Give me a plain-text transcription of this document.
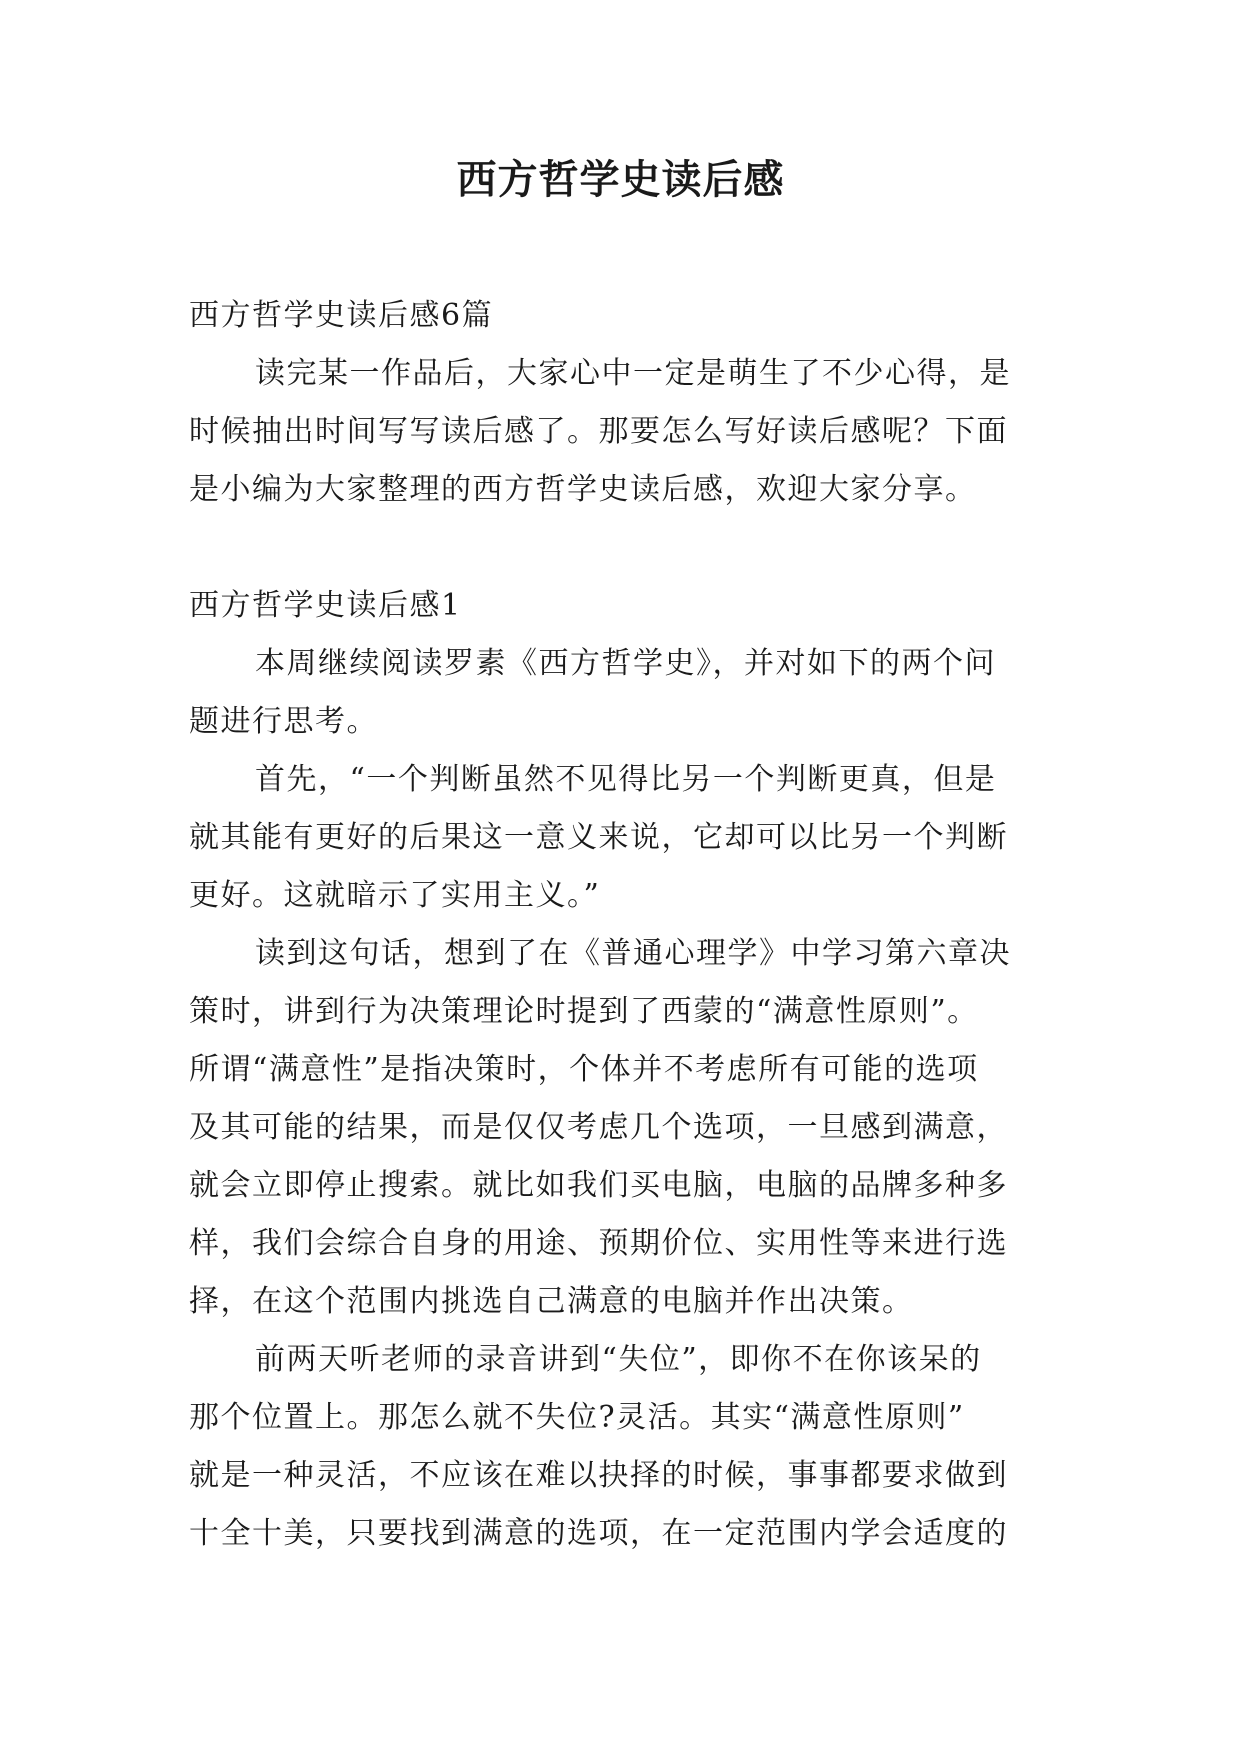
西方哲学史读后感
西方哲学史读后感6篇
读完某一作品后，大家心中一定是萌生了不少心得，是
时候抽出时间写写读后感了。那要怎么写好读后感呢？下面
是小编为大家整理的西方哲学史读后感，欢迎大家分享。
西方哲学史读后感1
本周继续阅读罗素《西方哲学史》，并对如下的两个问
题进行思考。
首先，“一个判断虽然不见得比另一个判断更真，但是
就其能有更好的后果这一意义来说，它却可以比另一个判断
更好。这就暗示了实用主义。”
读到这句话，想到了在《普通心理学》中学习第六章决
策时，讲到行为决策理论时提到了西蒙的“满意性原则”。
所谓“满意性”是指决策时，个体并不考虑所有可能的选项
及其可能的结果，而是仅仅考虑几个选项，一旦感到满意，
就会立即停止搜索。就比如我们买电脑，电脑的品牌多种多
样，我们会综合自身的用途、预期价位、实用性等来进行选
择，在这个范围内挑选自己满意的电脑并作出决策。
前两天听老师的录音讲到“失位”，即你不在你该呆的
那个位置上。那怎么就不失位?灵活。其实“满意性原则”
就是一种灵活，不应该在难以抉择的时候，事事都要求做到
十全十美，只要找到满意的选项，在一定范围内学会适度的
